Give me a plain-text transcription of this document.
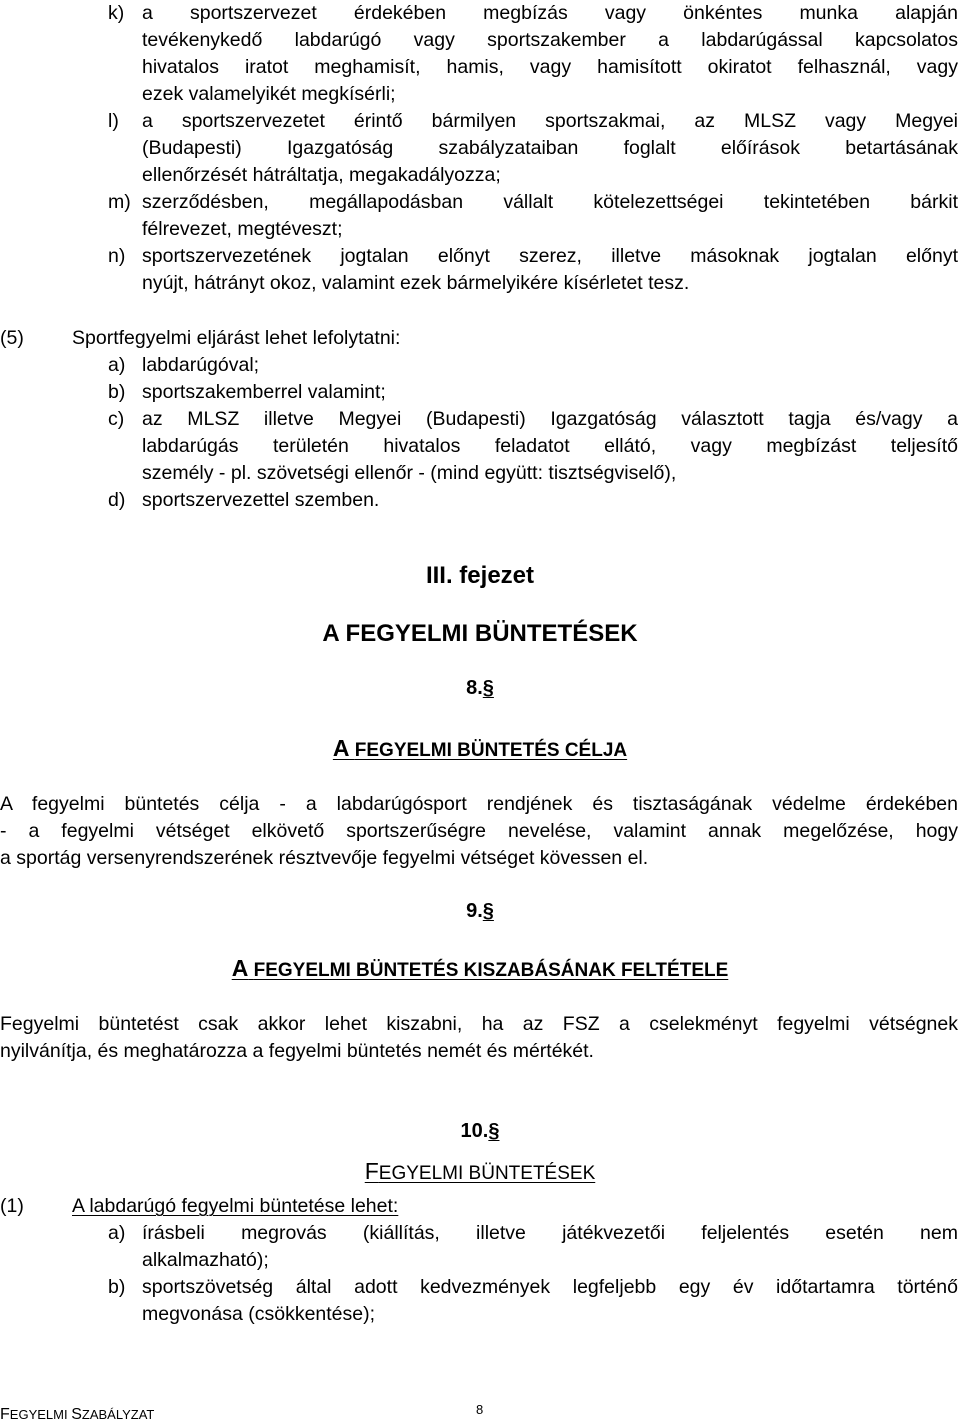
k) a sportszervezet érdekében megbízás vagy önkéntes munka alapján
tevékenykedő labdarúgó vagy sportszakember a labdarúgással kapcsolatos
hivatalos iratot meghamisít, hamis, vagy hamisított okiratot felhasznál, vagy
ezek valamelyikét megkísérli;
l) a sportszervezetet érintő bármilyen sportszakmai, az MLSZ vagy Megyei
(Budapesti) Igazgatóság szabályzataiban foglalt előírások betartásának
ellenőrzését hátráltatja, megakadályozza;
m) szerződésben, megállapodásban vállalt kötelezettségei tekintetében bárkit
félrevezet, megtéveszt;
n) sportszervezetének jogtalan előnyt szerez, illetve másoknak jogtalan előnyt
nyújt, hátrányt okoz, valamint ezek bármelyikére kísérletet tesz.
(5) Sportfegyelmi eljárást lehet lefolytatni:
a) labdarúgóval;
b) sportszakemberrel valamint;
c) az MLSZ illetve Megyei (Budapesti) Igazgatóság választott tagja és/vagy a
labdarúgás területén hivatalos feladatot ellátó, vagy megbízást teljesítő
személy - pl. szövetségi ellenőr - (mind együtt: tisztségviselő),
d) sportszervezettel szemben.
III. fejezet
A FEGYELMI BÜNTETÉSEK
8.§
A FEGYELMI BÜNTETÉS CÉLJA
A fegyelmi büntetés célja - a labdarúgósport rendjének és tisztaságának védelme érdekében
- a fegyelmi vétséget elkövető sportszerűségre nevelése, valamint annak megelőzése, hogy
a sportág versenyrendszerének résztvevője fegyelmi vétséget kövessen el.
9.§
A FEGYELMI BÜNTETÉS KISZABÁSÁNAK FELTÉTELE
Fegyelmi büntetést csak akkor lehet kiszabni, ha az FSZ a cselekményt fegyelmi vétségnek
nyilvánítja, és meghatározza a fegyelmi büntetés nemét és mértékét.
10.§
FEGYELMI BÜNTETÉSEK
(1) A labdarúgó fegyelmi büntetése lehet:
a) írásbeli megrovás (kiállítás, illetve játékvezetői feljelentés esetén nem
alkalmazható);
b) sportszövetség által adott kedvezmények legfeljebb egy év időtartamra történő
megvonása (csökkentése);
FEGYELMI SZABÁLYZAT	8
